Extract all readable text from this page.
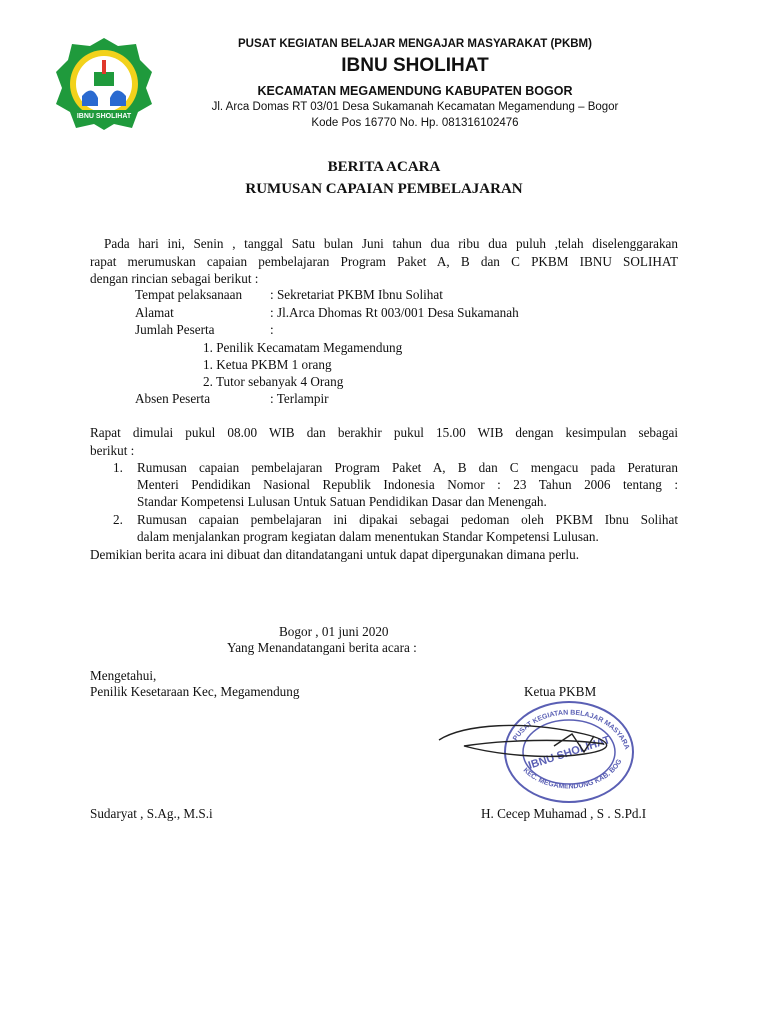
IBNU SHOLIHAT
PUSAT KEGIATAN BELAJAR MENGAJAR MASYARAKAT (PKBM)
IBNU SHOLIHAT
KECAMATAN MEGAMENDUNG KABUPATEN BOGOR
Jl. Arca Domas RT 03/01 Desa Sukamanah Kecamatan Megamendung – Bogor
Kode Pos 16770 No. Hp. 081316102476
BERITA ACARA
RUMUSAN CAPAIAN PEMBELAJARAN
Pada hari ini, Senin , tanggal Satu bulan Juni tahun dua ribu dua puluh ,telah diselenggarakan
rapat merumuskan capaian pembelajaran Program Paket A, B dan C PKBM IBNU SOLIHAT
dengan rincian sebagai berikut :
Tempat pelaksanaan : Sekretariat PKBM Ibnu Solihat
Alamat	: Jl.Arca Dhomas Rt 003/001 Desa Sukamanah
Jumlah Peserta	:
1. Penilik Kecamatam Megamendung
1. Ketua PKBM 1 orang
2. Tutor sebanyak 4 Orang
Absen Peserta	: Terlampir
Rapat dimulai pukul 08.00 WIB dan berakhir pukul 15.00 WIB dengan kesimpulan sebagai
berikut :
1. Rumusan capaian pembelajaran Program Paket A, B dan C mengacu pada Peraturan
Menteri Pendidikan Nasional Republik Indonesia Nomor : 23 Tahun 2006 tentang :
Standar Kompetensi Lulusan Untuk Satuan Pendidikan Dasar dan Menengah.
2. Rumusan capaian pembelajaran ini dipakai sebagai pedoman oleh PKBM Ibnu Solihat
dalam menjalankan program kegiatan dalam menentukan Standar Kompetensi Lulusan.
Demikian berita acara ini dibuat dan ditandatangani untuk dapat dipergunakan dimana perlu.
Bogor , 01 juni 2020
Yang Menandatangani berita acara :
Mengetahui,
Penilik Kesetaraan Kec, Megamendung	Ketua PKBM
PUSAT KEGIATAN BELAJAR MASYARA
KEC. MEGAMENDUNG KAB. BOG
IBNU SHOLIHAT
Sudaryat , S.Ag., M.S.i	H. Cecep Muhamad , S . S.Pd.I
